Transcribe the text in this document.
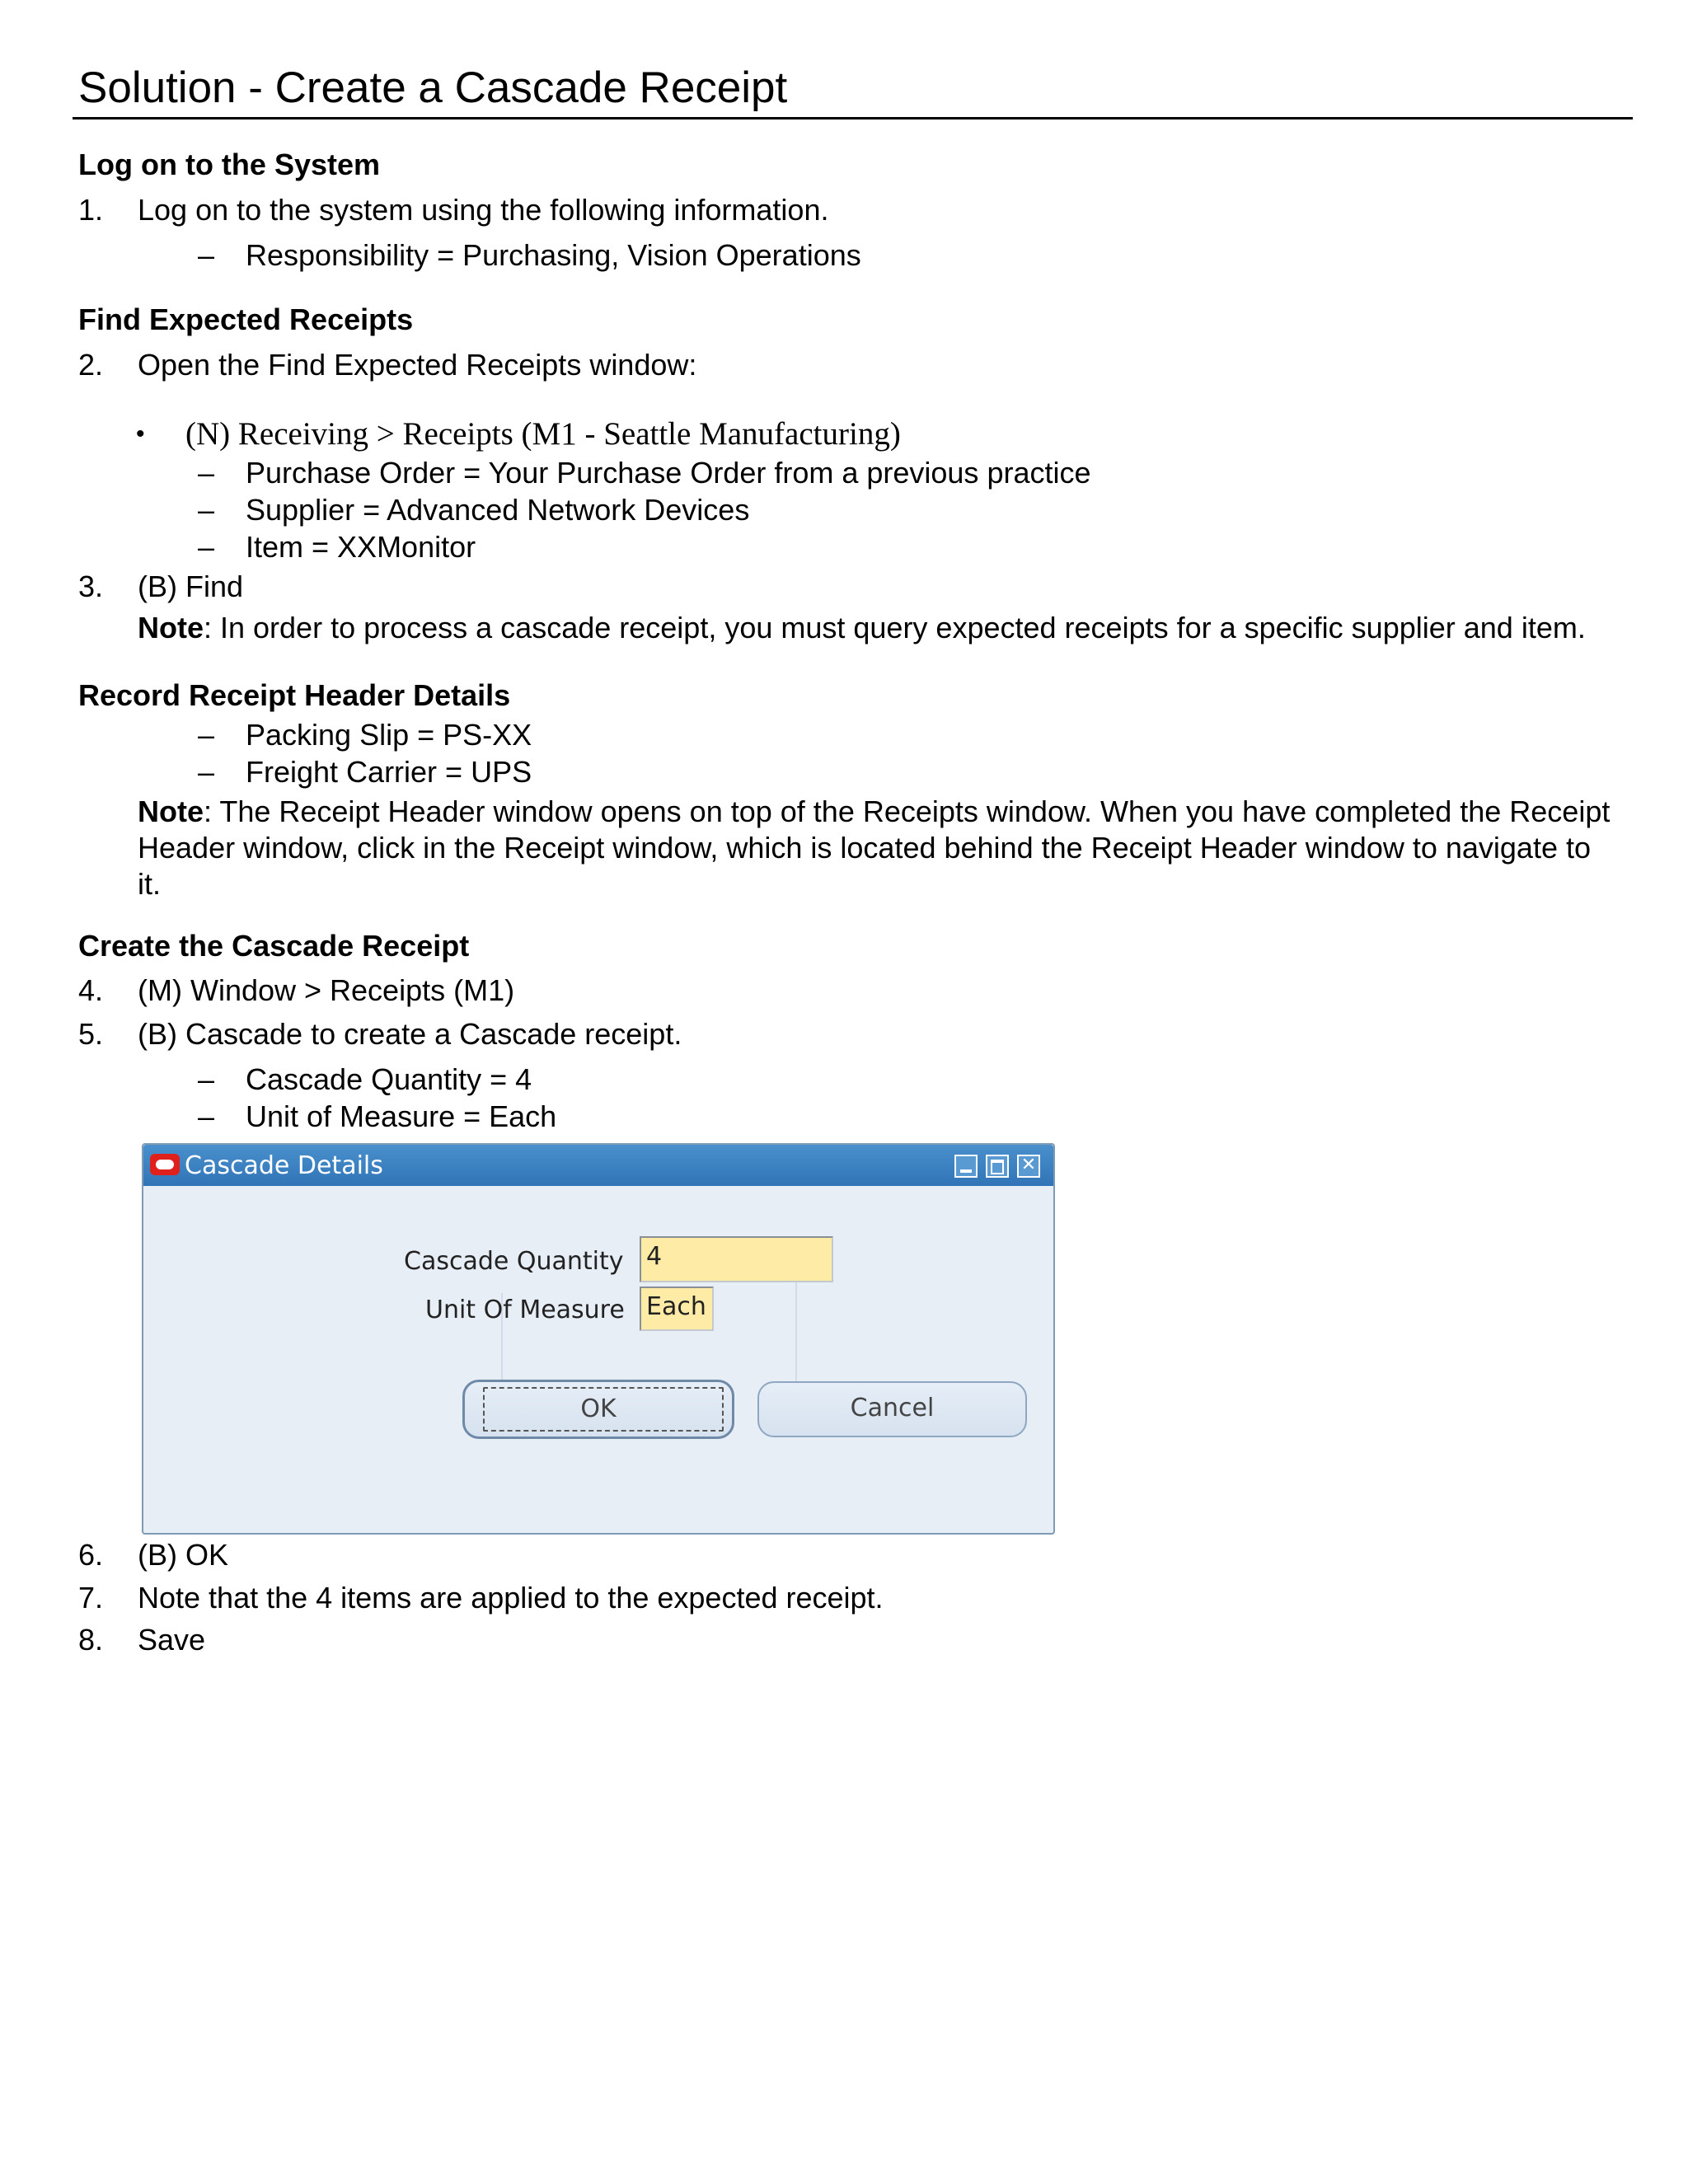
Solution - Create a Cascade Receipt
Log on to the System
1. Log on to the system using the following information.
– Responsibility = Purchasing, Vision Operations
Find Expected Receipts
2. Open the Find Expected Receipts window:
• (N) Receiving > Receipts (M1 - Seattle Manufacturing)
– Purchase Order = Your Purchase Order from a previous practice
– Supplier = Advanced Network Devices
– Item = XXMonitor
3. (B) Find
Note: In order to process a cascade receipt, you must query expected receipts for a specific supplier and item.
Record Receipt Header Details
– Packing Slip = PS-XX
– Freight Carrier = UPS
Note: The Receipt Header window opens on top of the Receipts window. When you have completed the Receipt Header window, click in the Receipt window, which is located behind the Receipt Header window to navigate to it.
Create the Cascade Receipt
4. (M) Window > Receipts (M1)
5. (B) Cascade to create a Cascade receipt.
– Cascade Quantity = 4
– Unit of Measure = Each
Cascade Details	✕
Cascade Quantity 4
Unit Of Measure Each
OK	Cancel
6. (B) OK
7. Note that the 4 items are applied to the expected receipt.
8. Save
